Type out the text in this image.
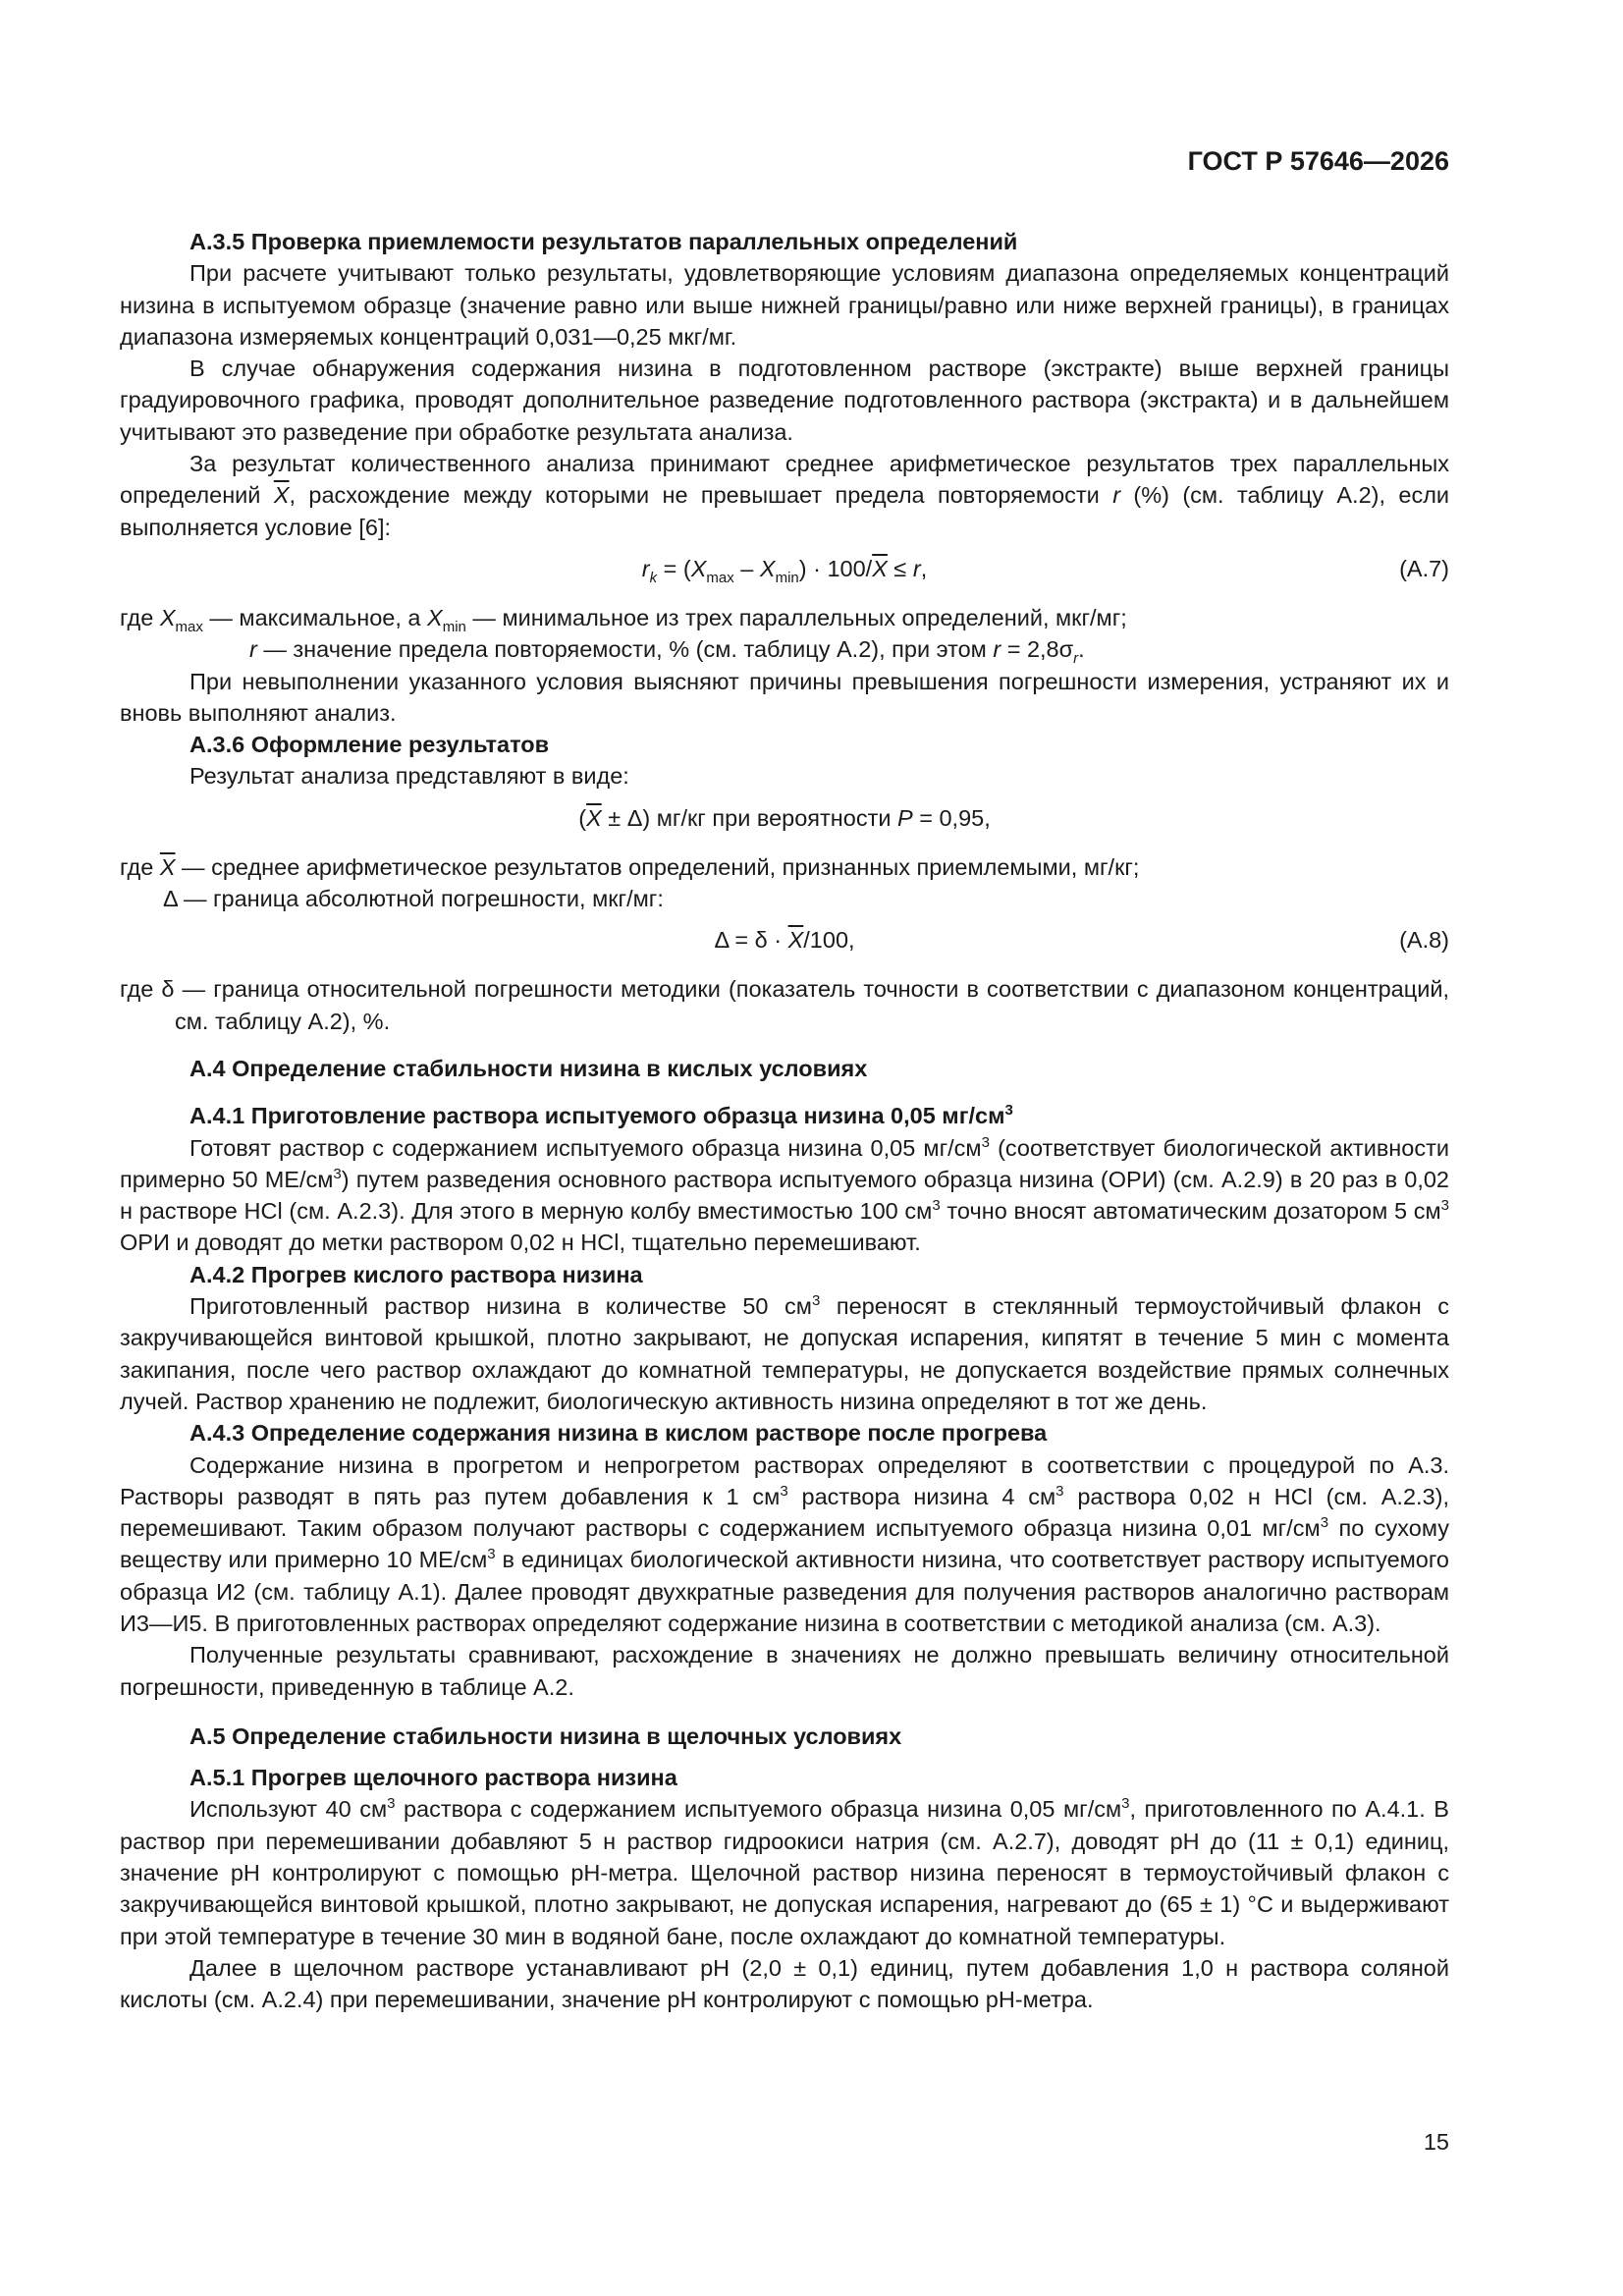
ГОСТ Р 57646—2026

А.3.5 Проверка приемлемости результатов параллельных определений

При расчете учитывают только результаты, удовлетворяющие условиям диапазона определяемых концентраций низина в испытуемом образце (значение равно или выше нижней границы/равно или ниже верхней границы), в границах диапазона измеряемых концентраций 0,031—0,25 мкг/мг.

В случае обнаружения содержания низина в подготовленном растворе (экстракте) выше верхней границы градуировочного графика, проводят дополнительное разведение подготовленного раствора (экстракта) и в дальнейшем учитывают это разведение при обработке результата анализа.

За результат количественного анализа принимают среднее арифметическое результатов трех параллельных определений $\overline{X}$, расхождение между которыми не превышает предела повторяемости r (%) (см. таблицу А.2), если выполняется условие [6]:

$r_k = (X_{max} - X_{min}) \cdot 100/\overline{X} \le r$,	(А.7)

где $X_{max}$ — максимальное, а $X_{min}$ — минимальное из трех параллельных определений, мкг/мг;

r — значение предела повторяемости, % (см. таблицу А.2), при этом $r = 2,8\sigma_r$.

При невыполнении указанного условия выясняют причины превышения погрешности измерения, устраняют их и вновь выполняют анализ.

А.3.6 Оформление результатов

Результат анализа представляют в виде:

$(\overline{X} \pm \Delta)$ мг/кг при вероятности P = 0,95,

где $\overline{X}$ — среднее арифметическое результатов определений, признанных приемлемыми, мг/кг;

Δ — граница абсолютной погрешности, мкг/мг:

$\Delta = \delta \cdot \overline{X}/100$,	(А.8)

где δ — граница относительной погрешности методики (показатель точности в соответствии с диапазоном концентраций, см. таблицу А.2), %.

А.4 Определение стабильности низина в кислых условиях

А.4.1 Приготовление раствора испытуемого образца низина 0,05 $мг/см^3$

Готовят раствор с содержанием испытуемого образца низина 0,05 $мг/см^3$ (соответствует биологической активности примерно 50 $МЕ/см^3$) путем разведения основного раствора испытуемого образца низина (ОРИ) (см. А.2.9) в 20 раз в 0,02 н растворе HCl (см. А.2.3). Для этого в мерную колбу вместимостью 100 $см^3$ точно вносят автоматическим дозатором 5 $см^3$ ОРИ и доводят до метки раствором 0,02 н HCl, тщательно перемешивают.

А.4.2 Прогрев кислого раствора низина

Приготовленный раствор низина в количестве 50 $см^3$ переносят в стеклянный термоустойчивый флакон с закручивающейся винтовой крышкой, плотно закрывают, не допуская испарения, кипятят в течение 5 мин с момента закипания, после чего раствор охлаждают до комнатной температуры, не допускается воздействие прямых солнечных лучей. Раствор хранению не подлежит, биологическую активность низина определяют в тот же день.

А.4.3 Определение содержания низина в кислом растворе после прогрева

Содержание низина в прогретом и непрогретом растворах определяют в соответствии с процедурой по А.3. Растворы разводят в пять раз путем добавления к 1 $см^3$ раствора низина 4 $см^3$ раствора 0,02 н HCl (см. А.2.3), перемешивают. Таким образом получают растворы с содержанием испытуемого образца низина 0,01 $мг/см^3$ по сухому веществу или примерно 10 $МЕ/см^3$ в единицах биологической активности низина, что соответствует раствору испытуемого образца И2 (см. таблицу А.1). Далее проводят двухкратные разведения для получения растворов аналогично растворам И3—И5. В приготовленных растворах определяют содержание низина в соответствии с методикой анализа (см. А.3).

Полученные результаты сравнивают, расхождение в значениях не должно превышать величину относительной погрешности, приведенную в таблице А.2.

А.5 Определение стабильности низина в щелочных условиях

А.5.1 Прогрев щелочного раствора низина

Используют 40 $см^3$ раствора с содержанием испытуемого образца низина 0,05 $мг/см^3$, приготовленного по А.4.1. В раствор при перемешивании добавляют 5 н раствор гидроокиси натрия (см. А.2.7), доводят pH до (11 ± 0,1) единиц, значение pH контролируют с помощью pH-метра. Щелочной раствор низина переносят в термоустойчивый флакон с закручивающейся винтовой крышкой, плотно закрывают, не допуская испарения, нагревают до (65 ± 1) °С и выдерживают при этой температуре в течение 30 мин в водяной бане, после охлаждают до комнатной температуры.

Далее в щелочном растворе устанавливают pH (2,0 ± 0,1) единиц, путем добавления 1,0 н раствора соляной кислоты (см. А.2.4) при перемешивании, значение pH контролируют с помощью pH-метра.

15
